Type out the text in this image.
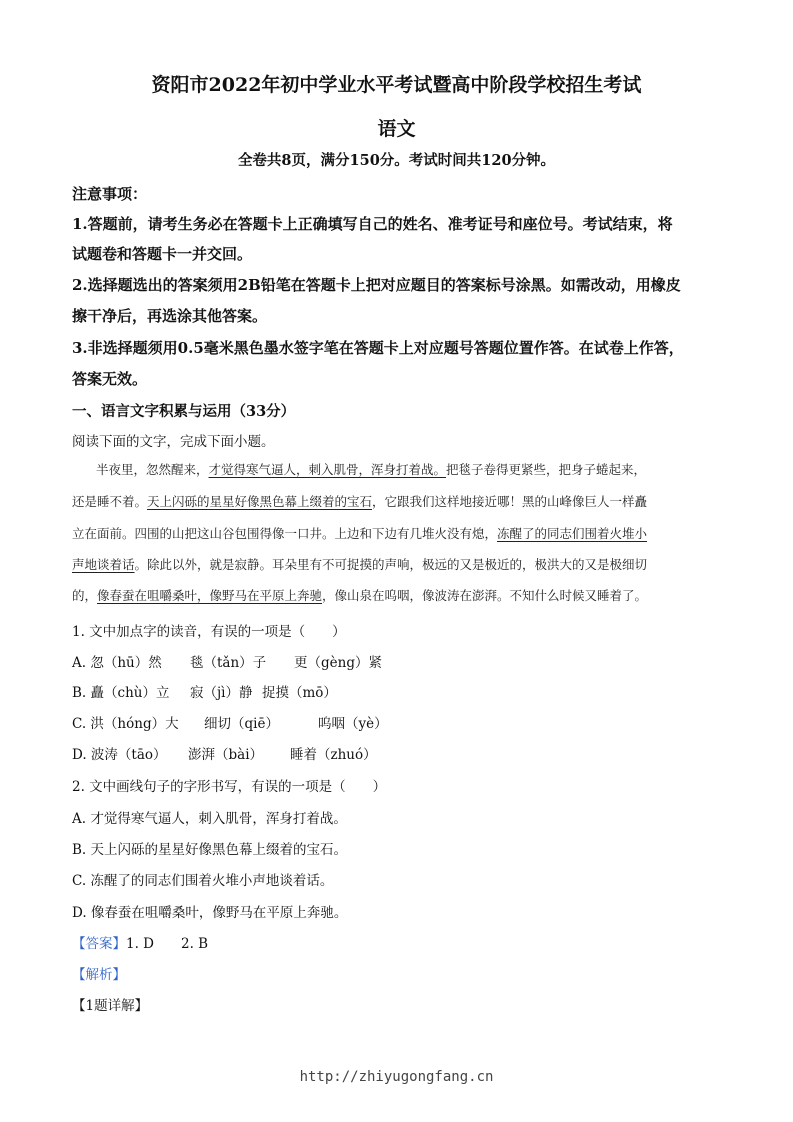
资阳市2022年初中学业水平考试暨高中阶段学校招生考试
语文
全卷共8页，满分150分。考试时间共120分钟。
注意事项：
1.答题前，请考生务必在答题卡上正确填写自己的姓名、准考证号和座位号。考试结束，将
试题卷和答题卡一并交回。
2.选择题选出的答案须用2B铅笔在答题卡上把对应题目的答案标号涂黑。如需改动，用橡皮
擦干净后，再选涂其他答案。
3.非选择题须用0.5毫米黑色墨水签字笔在答题卡上对应题号答题位置作答。在试卷上作答，
答案无效。
一、语言文字积累与运用（33分）
阅读下面的文字，完成下面小题。
半夜里，忽然醒来，才觉得寒气逼人，刺入肌骨，浑身打着战。把毯子卷得更紧些，把身子蜷起来，
还是睡不着。天上闪砾的星星好像黑色幕上缀着的宝石，它跟我们这样地接近哪！黑的山峰像巨人一样矗
立在面前。四围的山把这山谷包围得像一口井。上边和下边有几堆火没有熄，冻醒了的同志们围着火堆小
声地谈着话。除此以外，就是寂静。耳朵里有不可捉摸的声响，极远的又是极近的，极洪大的又是极细切
的，像春蚕在咀嚼桑叶，像野马在平原上奔驰，像山泉在呜咽，像波涛在澎湃。不知什么时候又睡着了。
1. 文中加点字的读音，有误的一项是（　　）
A. 忽（hū）然 毯（tǎn）子 更（gèng）紧
B. 矗（chù）立 寂（jì）静 捉摸（mō）
C. 洪（hóng）大 细切（qiē）	呜咽（yè）
D. 波涛（tāo） 澎湃（bài） 睡着（zhuó）
2. 文中画线句子的字形书写，有误的一项是（　　）
A. 才觉得寒气逼人，刺入肌骨，浑身打着战。
B. 天上闪砾的星星好像黑色幕上缀着的宝石。
C. 冻醒了的同志们围着火堆小声地谈着话。
D. 像春蚕在咀嚼桑叶，像野马在平原上奔驰。
【答案】1. D　　2. B
【解析】
【1题详解】
http://zhiyugongfang.cn
